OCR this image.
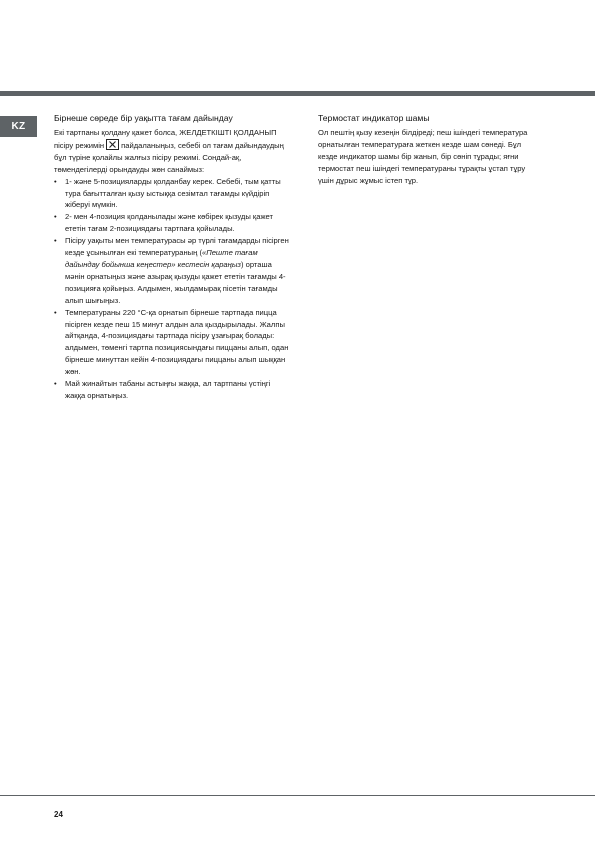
KZ
Бірнеше сөреде бір уақытта тағам дайындау

Екі тартпаны қолдану қажет болса, ЖЕЛДЕТКІШТІ ҚОЛДАНЫП пісіру режимін пайдаланыңыз, себебі ол тағам дайындаудың бұл түріне қолайлы жалғыз пісіру режимі. Сондай-ақ, төмендегілерді орындауды жөн санаймыз:

• 1- және 5-позицияларды қолданбау керек. Себебі, тым қатты тура бағытталған қызу ыстыққа сезімтал тағамды күйдіріп жіберуі мүмкін.
• 2- мен 4-позиция қолданылады және көбірек қызуды қажет ететін тағам 2-позициядағы тартпаға қойылады.
• Пісіру уақыты мен температурасы әр түрлі тағамдарды пісірген кезде ұсынылған екі температураның («Пеште тағам дайындау бойынша кеңестер» кестесін қараңыз) орташа мәнін орнатыңыз және азырақ қызуды қажет ететін тағамды 4-позицияға қойыңыз. Алдымен, жылдамырақ пісетін тағамды алып шығыңыз.
• Температураны 220 °C-қа орнатып бірнеше тартпада пицца пісірген кезде пеш 15 минут алдын ала қыздырылады. Жалпы айтқанда, 4-позициядағы тартпада пісіру ұзағырақ болады: алдымен, төменгі тартпа позициясындағы пиццаны алып, одан бірнеше минуттан кейін 4-позициядағы пиццаны алып шыққан жөн.
• Май жинайтын табаны астыңғы жаққа, ал тартпаны үстіңгі жаққа орнатыңыз.
Термостат индикатор шамы

Ол пештің қызу кезеңін білдіреді; пеш ішіндегі температура орнатылған температураға жеткен кезде шам сөнеді. Бұл кезде индикатор шамы бір жанып, бір сөніп тұрады; яғни термостат пеш ішіндегі температураны тұрақты ұстап тұру үшін дұрыс жұмыс істеп тұр.

24
